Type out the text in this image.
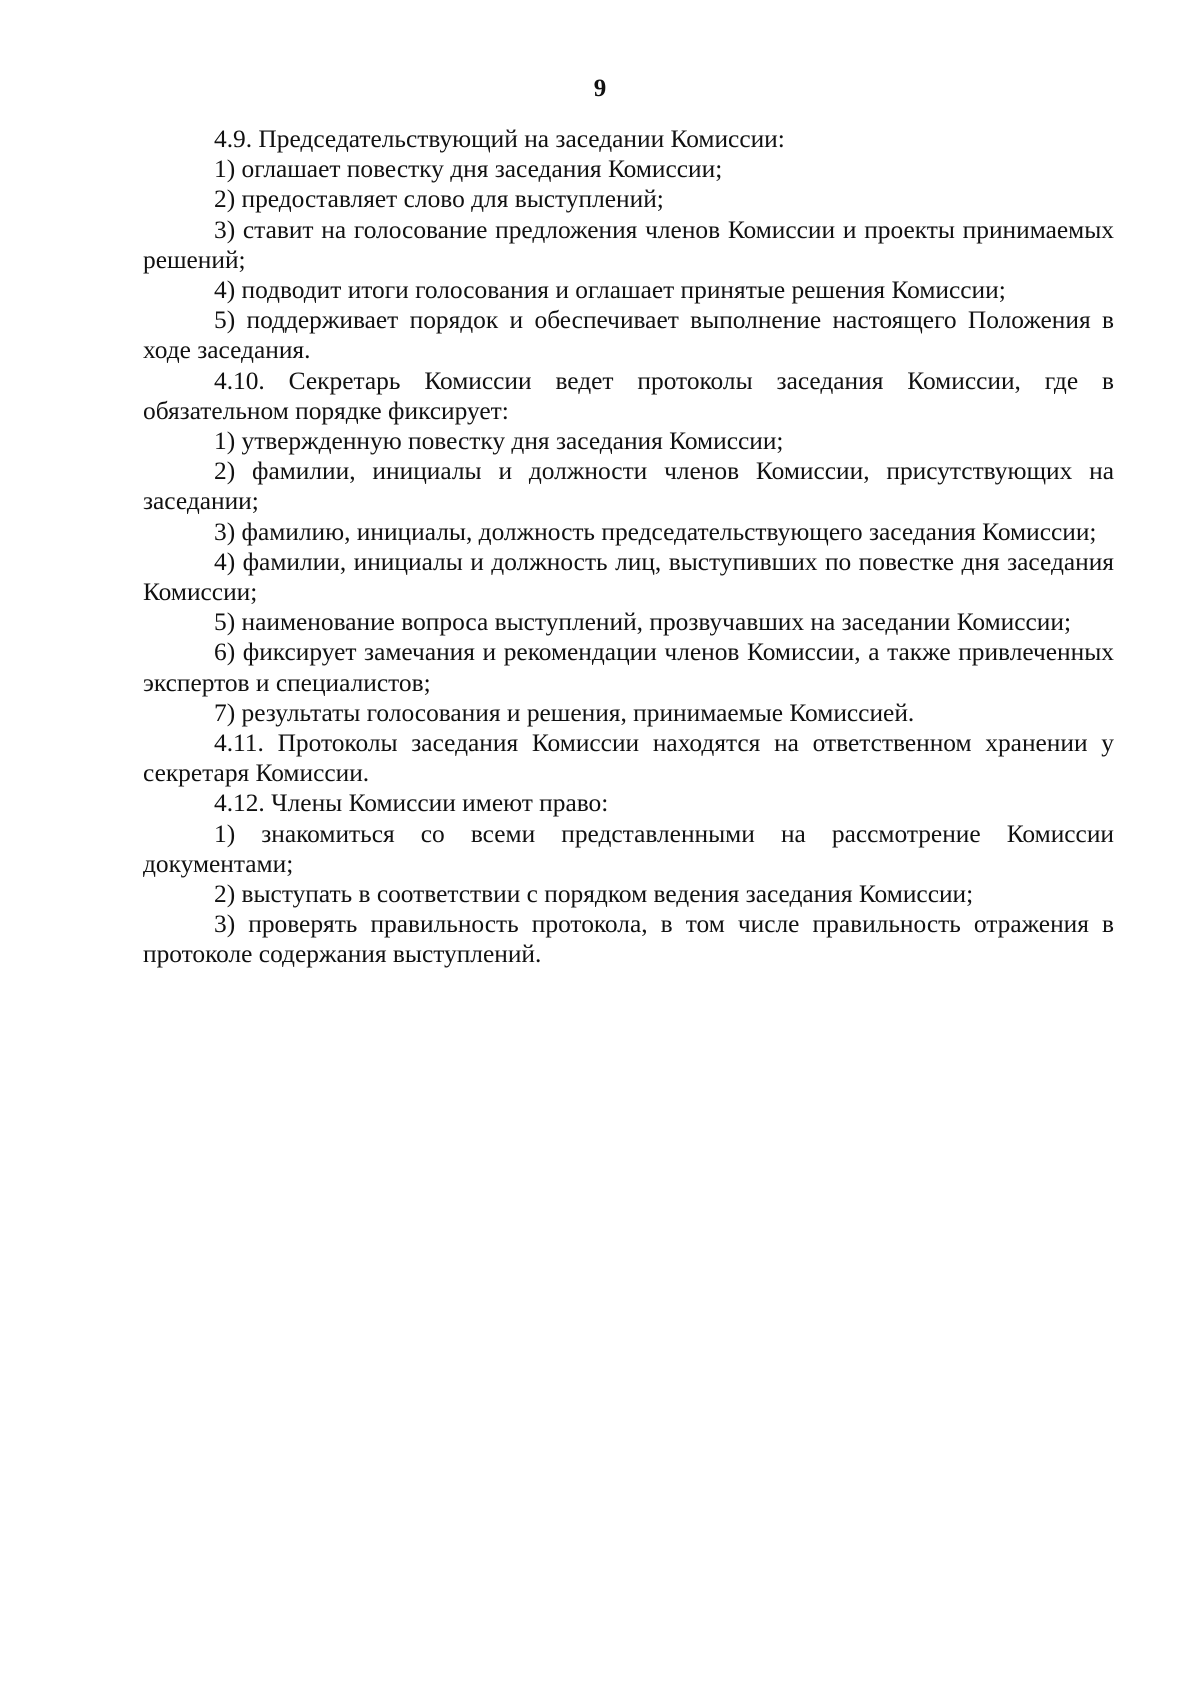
9

4.9. Председательствующий на заседании Комиссии:

1) оглашает повестку дня заседания Комиссии;

2) предоставляет слово для выступлений;

3) ставит на голосование предложения членов Комиссии и проекты принимаемых решений;

4) подводит итоги голосования и оглашает принятые решения Комиссии;

5) поддерживает порядок и обеспечивает выполнение настоящего Положения в ходе заседания.

4.10. Секретарь Комиссии ведет протоколы заседания Комиссии, где в обязательном порядке фиксирует:

1) утвержденную повестку дня заседания Комиссии;

2) фамилии, инициалы и должности членов Комиссии, присутствующих на заседании;

3) фамилию, инициалы, должность председательствующего заседания Комиссии;

4) фамилии, инициалы и должность лиц, выступивших по повестке дня заседания Комиссии;

5) наименование вопроса выступлений, прозвучавших на заседании Комиссии;

6) фиксирует замечания и рекомендации членов Комиссии, а также привлеченных экспертов и специалистов;

7) результаты голосования и решения, принимаемые Комиссией.

4.11. Протоколы заседания Комиссии находятся на ответственном хранении у секретаря Комиссии.

4.12. Члены Комиссии имеют право:

1) знакомиться со всеми представленными на рассмотрение Комиссии документами;

2) выступать в соответствии с порядком ведения заседания Комиссии;

3) проверять правильность протокола, в том числе правильность отражения в протоколе содержания выступлений.
